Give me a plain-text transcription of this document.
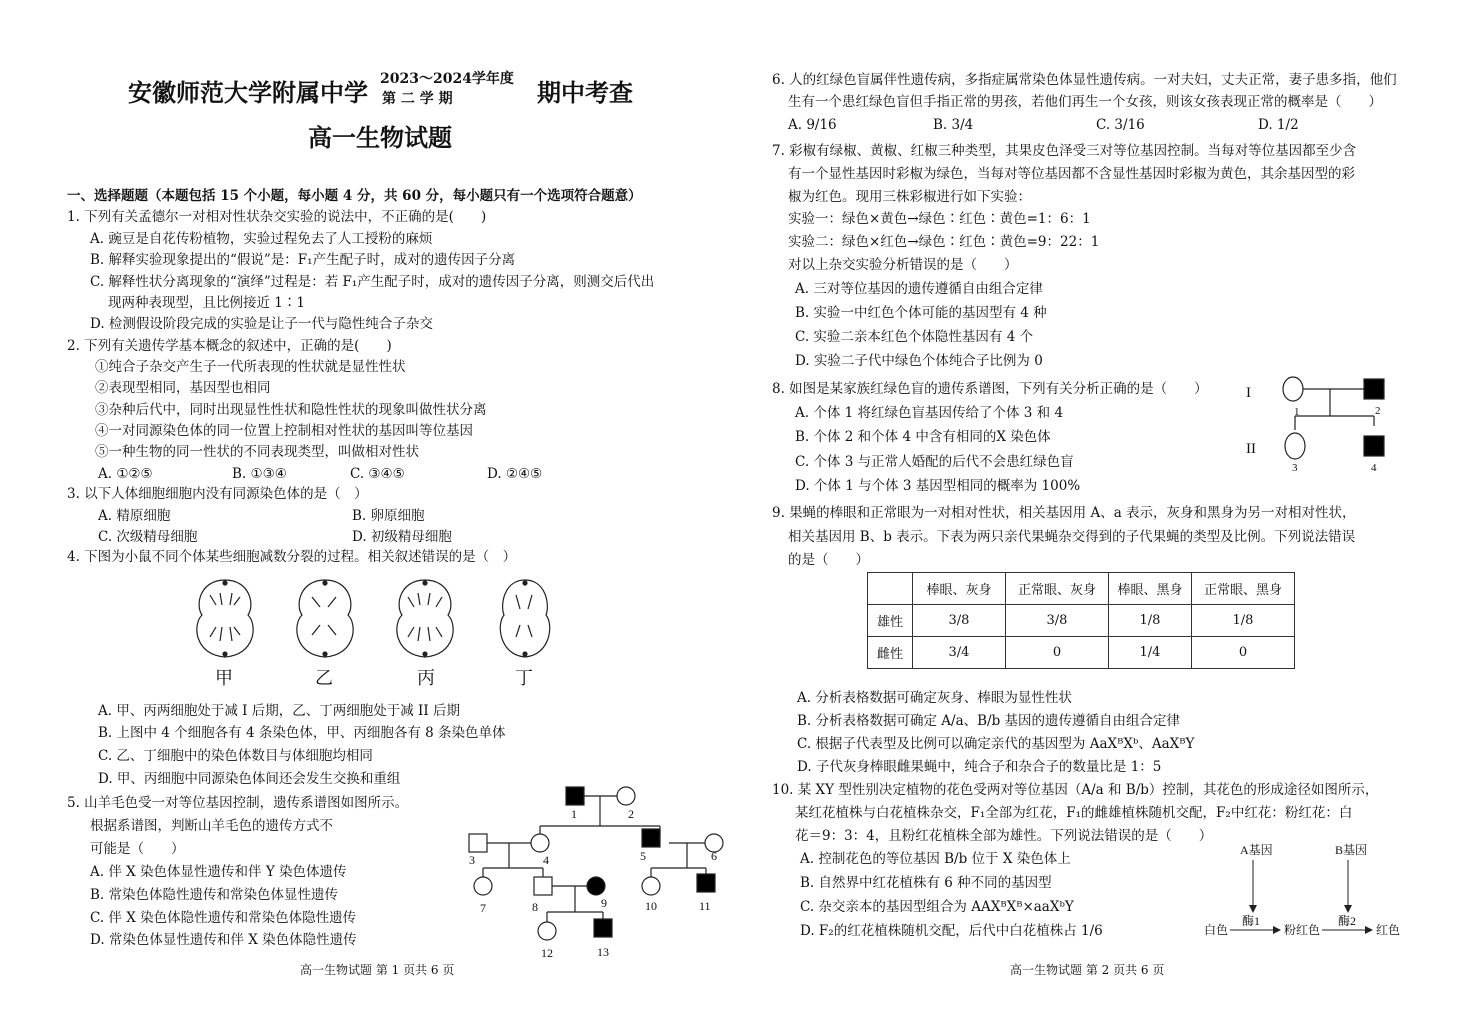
安徽师范大学附属中学 2023～2024学年度
第 二 学 期	期中考查
高一生物试题
一、选择题题（本题包括 15 个小题，每小题 4 分，共 60 分，每小题只有一个选项符合题意）
1. 下列有关孟德尔一对相对性状杂交实验的说法中，不正确的是(　　)
A. 豌豆是自花传粉植物，实验过程免去了人工授粉的麻烦
B. 解释实验现象提出的“假说”是：F₁产生配子时，成对的遗传因子分离
C. 解释性状分离现象的“演绎”过程是：若 F₁产生配子时，成对的遗传因子分离，则测交后代出
现两种表现型，且比例接近 1∶1
D. 检测假设阶段完成的实验是让子一代与隐性纯合子杂交
2. 下列有关遗传学基本概念的叙述中，正确的是(　　)
①纯合子杂交产生子一代所表现的性状就是显性性状
②表现型相同，基因型也相同
③杂种后代中，同时出现显性性状和隐性性状的现象叫做性状分离
④一对同源染色体的同一位置上控制相对性状的基因叫等位基因
⑤一种生物的同一性状的不同表现类型，叫做相对性状
A. ①②⑤	B. ①③④	C. ③④⑤	D. ②④⑤
3. 以下人体细胞细胞内没有同源染色体的是（　）
A. 精原细胞	B. 卵原细胞
C. 次级精母细胞	D. 初级精母细胞
4. 下图为小鼠不同个体某些细胞减数分裂的过程。相关叙述错误的是（　）
甲	乙	丙	丁
A. 甲、丙两细胞处于减 I 后期，乙、丁两细胞处于减 II 后期
B. 上图中 4 个细胞各有 4 条染色体，甲、丙细胞各有 8 条染色单体
C. 乙、丁细胞中的染色体数目与体细胞均相同
D. 甲、丙细胞中同源染色体间还会发生交换和重组
5. 山羊毛色受一对等位基因控制，遗传系谱图如图所示。
根据系谱图，判断山羊毛色的遗传方式不
可能是（　　）
A. 伴 X 染色体显性遗传和伴 Y 染色体遗传
B. 常染色体隐性遗传和常染色体显性遗传
C. 伴 X 染色体隐性遗传和常染色体隐性遗传
D. 常染色体显性遗传和伴 X 染色体隐性遗传
1	2
3	4	5	6
7	8	9	10	11
12	13
高一生物试题 第 1 页共 6 页
6. 人的红绿色盲属伴性遗传病，多指症属常染色体显性遗传病。一对夫妇，丈夫正常，妻子患多指，他们
生有一个患红绿色盲但手指正常的男孩，若他们再生一个女孩，则该女孩表现正常的概率是（　　）
A. 9/16	B. 3/4	C. 3/16	D. 1/2
7. 彩椒有绿椒、黄椒、红椒三种类型，其果皮色泽受三对等位基因控制。当每对等位基因都至少含
有一个显性基因时彩椒为绿色，当每对等位基因都不含显性基因时彩椒为黄色，其余基因型的彩
椒为红色。现用三株彩椒进行如下实验：
实验一：绿色×黄色→绿色∶红色∶黄色=1：6：1
实验二：绿色×红色→绿色∶红色∶黄色=9：22：1
对以上杂交实验分析错误的是（　　）
A. 三对等位基因的遗传遵循自由组合定律
B. 实验一中红色个体可能的基因型有 4 种
C. 实验二亲本红色个体隐性基因有 4 个
D. 实验二子代中绿色个体纯合子比例为 0
8. 如图是某家族红绿色盲的遗传系谱图，下列有关分析正确的是（　　）
A. 个体 1 将红绿色盲基因传给了个体 3 和 4
B. 个体 2 和个体 4 中含有相同的X 染色体
C. 个体 3 与正常人婚配的后代不会患红绿色盲
D. 个体 1 与个体 3 基因型相同的概率为 100%
I
II
1	2
3	4
9. 果蝇的棒眼和正常眼为一对相对性状，相关基因用 A、a 表示，灰身和黑身为另一对相对性状，
相关基因用 B、b 表示。下表为两只亲代果蝇杂交得到的子代果蝇的类型及比例。下列说法错误
的是（　　）
	棒眼、灰身	正常眼、灰身	棒眼、黑身	正常眼、黑身
雄性	3/8	3/8	1/8	1/8
雌性	3/4	0	1/4	0
A. 分析表格数据可确定灰身、棒眼为显性性状
B. 分析表格数据可确定 A/a、B/b 基因的遗传遵循自由组合定律
C. 根据子代表型及比例可以确定亲代的基因型为 AaXᴮXᵇ、AaXᴮY
D. 子代灰身棒眼雌果蝇中，纯合子和杂合子的数量比是 1：5
10. 某 XY 型性别决定植物的花色受两对等位基因（A/a 和 B/b）控制，其花色的形成途径如图所示，
某红花植株与白花植株杂交，F₁全部为红花，F₁的雌雄植株随机交配，F₂中红花：粉红花：白
花＝9：3：4，且粉红花植株全部为雄性。下列说法错误的是（　　）
A. 控制花色的等位基因 B/b 位于 X 染色体上
B. 自然界中红花植株有 6 种不同的基因型
C. 杂交亲本的基因型组合为 AAXᴮXᴮ×aaXᵇY
D. F₂的红花植株随机交配，后代中白花植株占 1/6
A基因	B基因
酶1	酶2
白色	粉红色	红色
高一生物试题 第 2 页共 6 页
